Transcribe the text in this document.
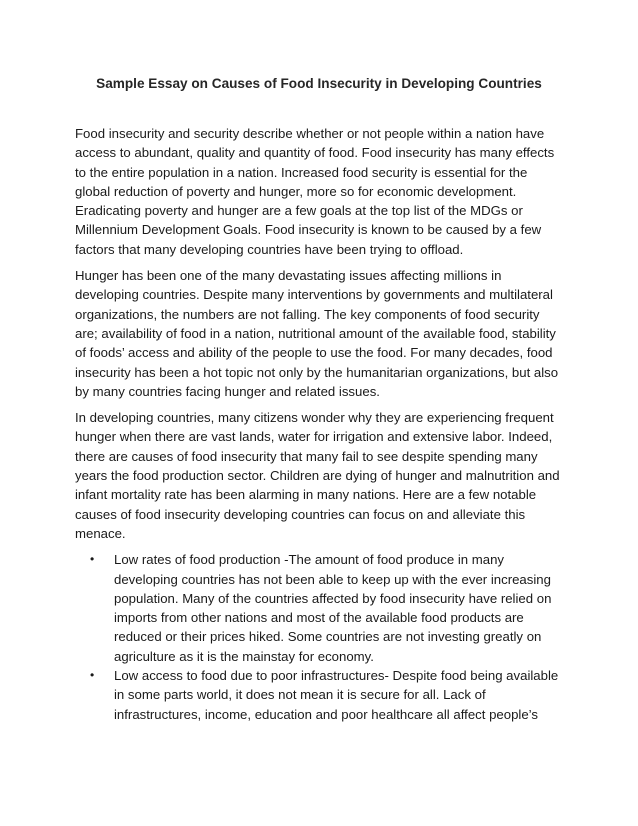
Sample Essay on Causes of Food Insecurity in Developing Countries

Food insecurity and security describe whether or not people within a nation have access to abundant, quality and quantity of food. Food insecurity has many effects to the entire population in a nation. Increased food security is essential for the global reduction of poverty and hunger, more so for economic development. Eradicating poverty and hunger are a few goals at the top list of the MDGs or Millennium Development Goals. Food insecurity is known to be caused by a few factors that many developing countries have been trying to offload.

Hunger has been one of the many devastating issues affecting millions in developing countries. Despite many interventions by governments and multilateral organizations, the numbers are not falling. The key components of food security are; availability of food in a nation, nutritional amount of the available food, stability of foods’ access and ability of the people to use the food. For many decades, food insecurity has been a hot topic not only by the humanitarian organizations, but also by many countries facing hunger and related issues.

In developing countries, many citizens wonder why they are experiencing frequent hunger when there are vast lands, water for irrigation and extensive labor. Indeed, there are causes of food insecurity that many fail to see despite spending many years the food production sector. Children are dying of hunger and malnutrition and infant mortality rate has been alarming in many nations. Here are a few notable causes of food insecurity developing countries can focus on and alleviate this menace.

• Low rates of food production -The amount of food produce in many developing countries has not been able to keep up with the ever increasing population. Many of the countries affected by food insecurity have relied on imports from other nations and most of the available food products are reduced or their prices hiked. Some countries are not investing greatly on agriculture as it is the mainstay for economy.
• Low access to food due to poor infrastructures- Despite food being available in some parts world, it does not mean it is secure for all. Lack of infrastructures, income, education and poor healthcare all affect people’s
